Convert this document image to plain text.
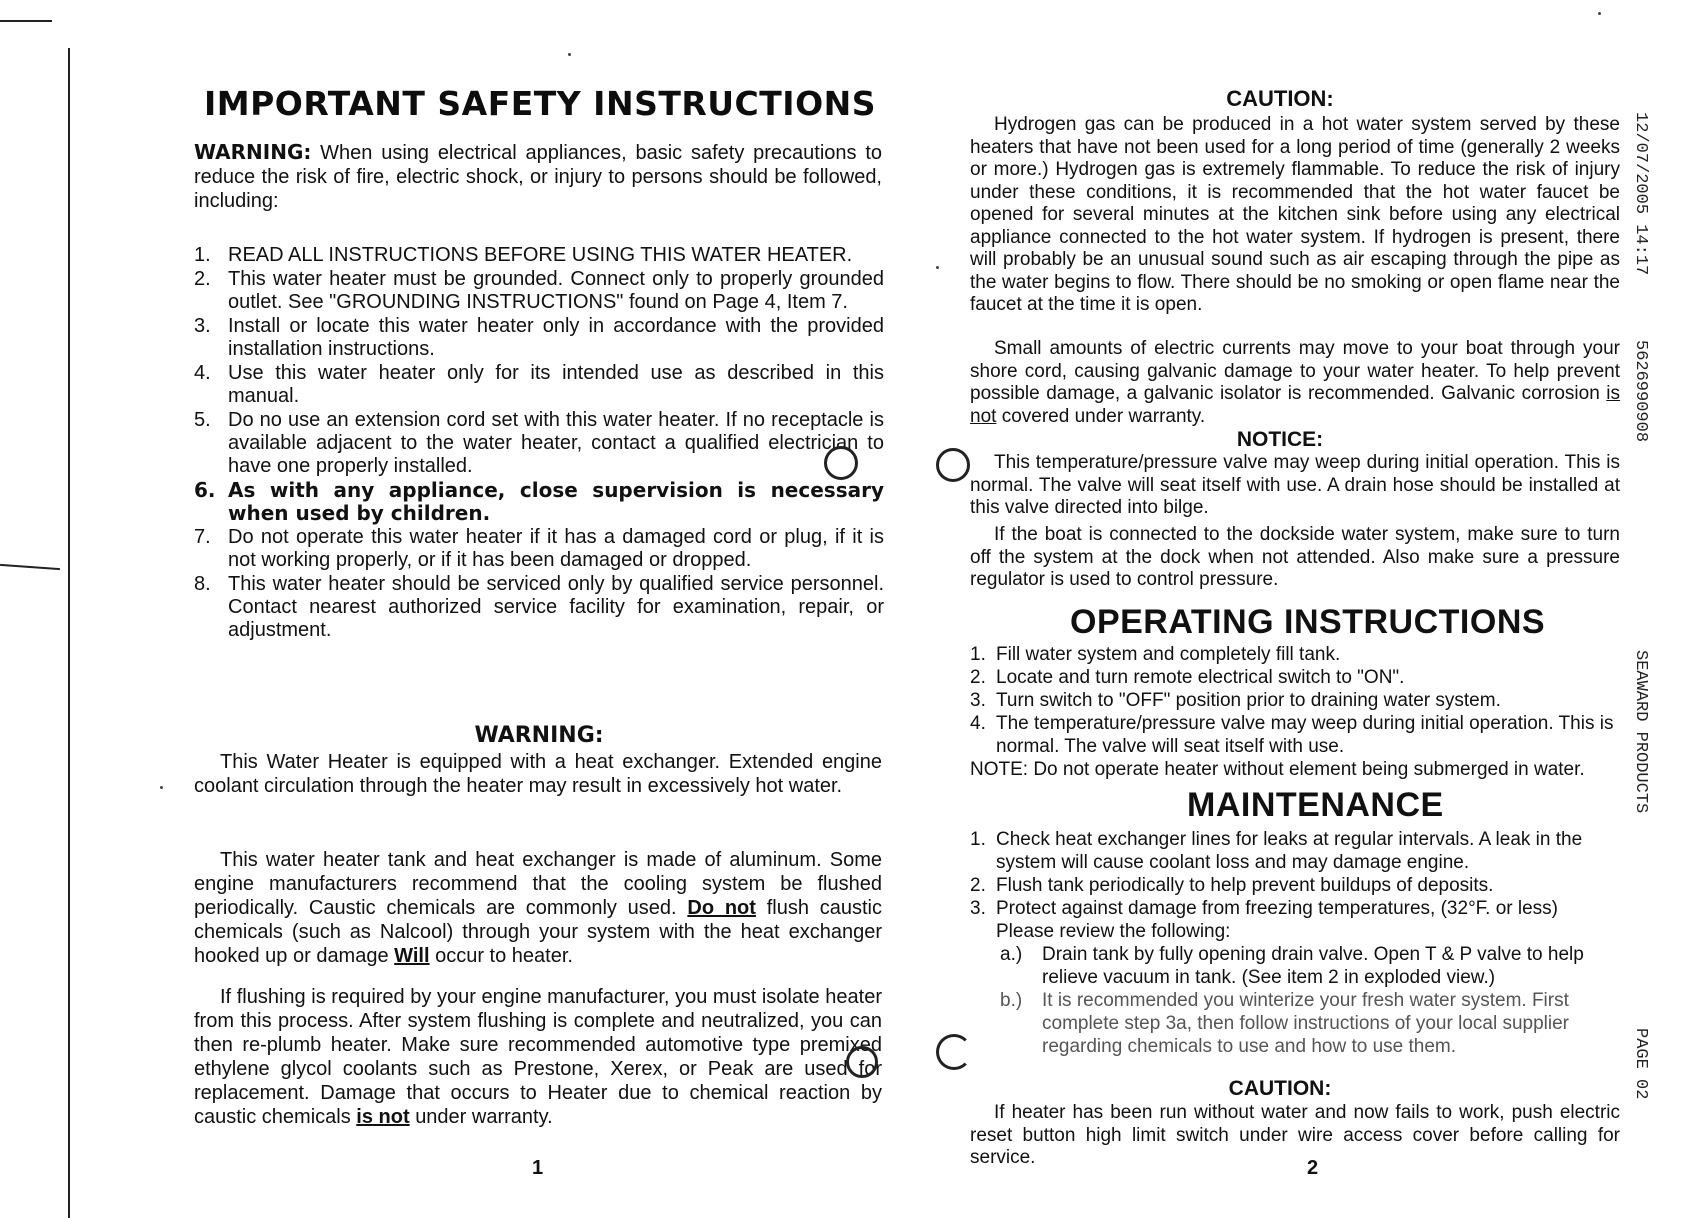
IMPORTANT SAFETY INSTRUCTIONS

WARNING: When using electrical appliances, basic safety precautions to reduce the risk of fire, electric shock, or injury to persons should be followed, including:

1. READ ALL INSTRUCTIONS BEFORE USING THIS WATER HEATER.
2. This water heater must be grounded. Connect only to properly grounded outlet. See "GROUNDING INSTRUCTIONS" found on Page 4, Item 7.
3. Install or locate this water heater only in accordance with the provided installation instructions.
4. Use this water heater only for its intended use as described in this manual.
5. Do no use an extension cord set with this water heater. If no receptacle is available adjacent to the water heater, contact a qualified electrician to have one properly installed.
6. As with any appliance, close supervision is necessary when used by children.
7. Do not operate this water heater if it has a damaged cord or plug, if it is not working properly, or if it has been damaged or dropped.
8. This water heater should be serviced only by qualified service personnel. Contact nearest authorized service facility for examination, repair, or adjustment.
WARNING:

This Water Heater is equipped with a heat exchanger. Extended engine coolant circulation through the heater may result in excessively hot water.

This water heater tank and heat exchanger is made of aluminum. Some engine manufacturers recommend that the cooling system be flushed periodically. Caustic chemicals are commonly used. Do not flush caustic chemicals (such as Nalcool) through your system with the heat exchanger hooked up or damage Will occur to heater.

If flushing is required by your engine manufacturer, you must isolate heater from this process. After system flushing is complete and neutralized, you can then re-plumb heater. Make sure recommended automotive type premixed ethylene glycol coolants such as Prestone, Xerex, or Peak are used for replacement. Damage that occurs to Heater due to chemical reaction by caustic chemicals is not under warranty.

1
CAUTION:

Hydrogen gas can be produced in a hot water system served by these heaters that have not been used for a long period of time (generally 2 weeks or more.) Hydrogen gas is extremely flammable. To reduce the risk of injury under these conditions, it is recommended that the hot water faucet be opened for several minutes at the kitchen sink before using any electrical appliance connected to the hot water system. If hydrogen is present, there will probably be an unusual sound such as air escaping through the pipe as the water begins to flow. There should be no smoking or open flame near the faucet at the time it is open.

Small amounts of electric currents may move to your boat through your shore cord, causing galvanic damage to your water heater. To help prevent possible damage, a galvanic isolator is recommended. Galvanic corrosion is not covered under warranty.

NOTICE:

This temperature/pressure valve may weep during initial operation. This is normal. The valve will seat itself with use. A drain hose should be installed at this valve directed into bilge.

If the boat is connected to the dockside water system, make sure to turn off the system at the dock when not attended. Also make sure a pressure regulator is used to control pressure.

OPERATING INSTRUCTIONS
1. Fill water system and completely fill tank.
2. Locate and turn remote electrical switch to "ON".
3. Turn switch to "OFF" position prior to draining water system.
4. The temperature/pressure valve may weep during initial operation. This is normal. The valve will seat itself with use.
NOTE: Do not operate heater without element being submerged in water.
MAINTENANCE
1. Check heat exchanger lines for leaks at regular intervals. A leak in the system will cause coolant loss and may damage engine.
2. Flush tank periodically to help prevent buildups of deposits.
3. Protect against damage from freezing temperatures, (32°F. or less) Please review the following:
a.) Drain tank by fully opening drain valve. Open T & P valve to help relieve vacuum in tank. (See item 2 in exploded view.)
b.) It is recommended you winterize your fresh water system. First complete step 3a, then follow instructions of your local supplier regarding chemicals to use and how to use them.
CAUTION:

If heater has been run without water and now fails to work, push electric reset button high limit switch under wire access cover before calling for service.	2
12/07/2005 14:17
5626990908
SEAWARD PRODUCTS
PAGE 02
